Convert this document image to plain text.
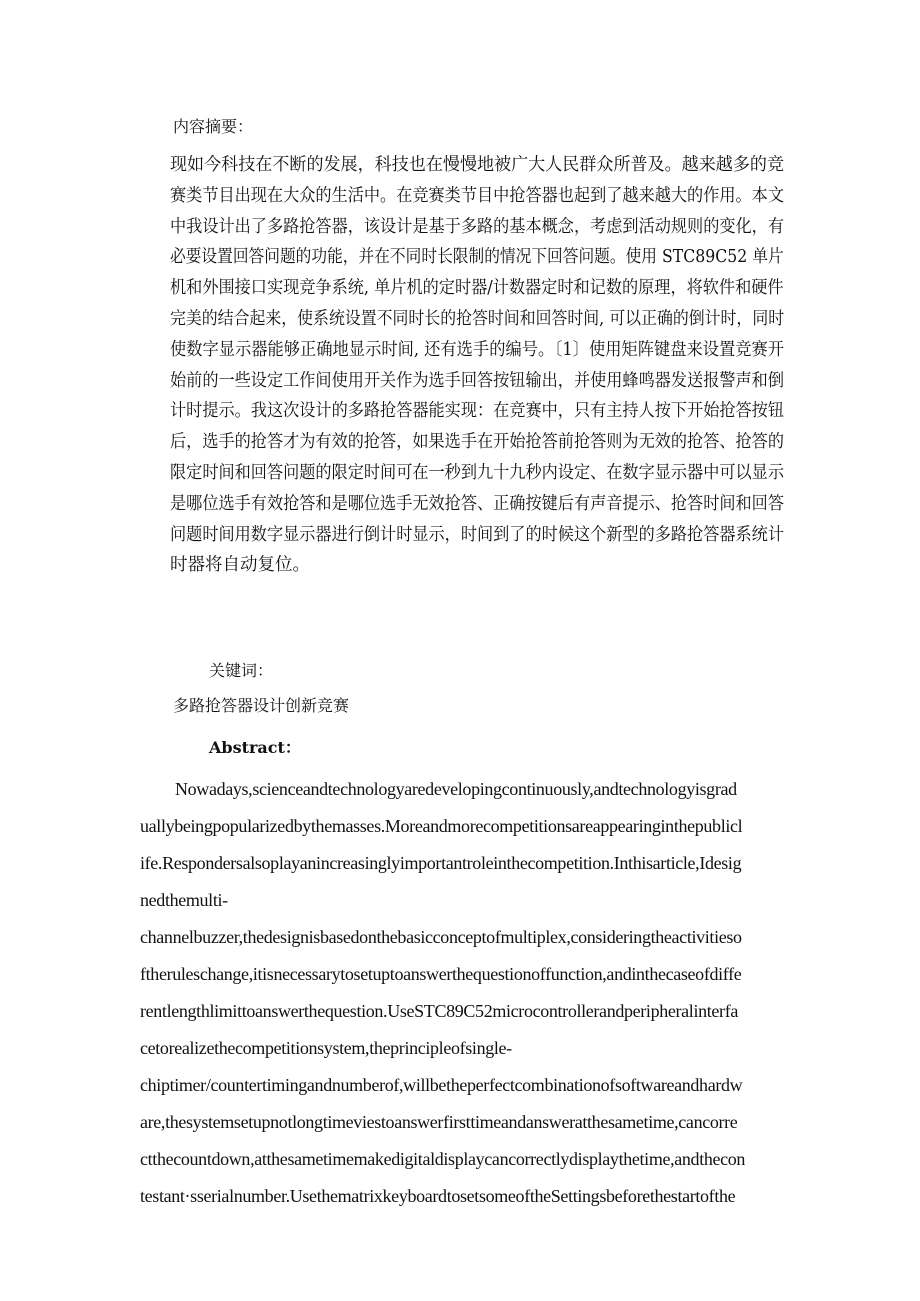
内容摘要：
现如今科技在不断的发展，科技也在慢慢地被广大人民群众所普及。越来越多的竞
赛类节目出现在大众的生活中。在竞赛类节目中抢答器也起到了越来越大的作用。本文
中我设计出了多路抢答器，该设计是基于多路的基本概念，考虑到活动规则的变化，有
必要设置回答问题的功能，并在不同时长限制的情况下回答问题。使用 STC89C52 单片
机和外围接口实现竞争系统, 单片机的定时器/计数器定时和记数的原理，将软件和硬件
完美的结合起来，使系统设置不同时长的抢答时间和回答时间, 可以正确的倒计时，同时
使数字显示器能够正确地显示时间, 还有选手的编号。〔1〕使用矩阵键盘来设置竞赛开
始前的一些设定工作间使用开关作为选手回答按钮输出，并使用蜂鸣器发送报警声和倒
计时提示。我这次设计的多路抢答器能实现：在竞赛中，只有主持人按下开始抢答按钮
后，选手的抢答才为有效的抢答，如果选手在开始抢答前抢答则为无效的抢答、抢答的
限定时间和回答问题的限定时间可在一秒到九十九秒内设定、在数字显示器中可以显示
是哪位选手有效抢答和是哪位选手无效抢答、正确按键后有声音提示、抢答时间和回答
问题时间用数字显示器进行倒计时显示，时间到了的时候这个新型的多路抢答器系统计
时器将自动复位。
关键词：
多路抢答器设计创新竞赛
Abstract：
Nowadays,scienceandtechnologyaredevelopingcontinuously,andtechnologyisgrad
uallybeingpopularizedbythemasses.Moreandmorecompetitionsareappearinginthepublicl
ife.Respondersalsoplayanincreasinglyimportantroleinthecompetition.Inthisarticle,Idesig
nedthemulti-
channelbuzzer,thedesignisbasedonthebasicconceptofmultiplex,consideringtheactivitieso
ftheruleschange,itisnecessarytosetuptoanswerthequestionoffunction,andinthecaseofdiffe
rentlengthlimittoanswerthequestion.UseSTC89C52microcontrollerandperipheralinterfa
cetorealizethecompetitionsystem,theprincipleofsingle-
chiptimer/countertimingandnumberof,willbetheperfectcombinationofsoftwareandhardw
are,thesystemsetupnotlongtimeviestoanswerfirsttimeandansweratthesametime,cancorre
ctthecountdown,atthesametimemakedigitaldisplaycancorrectlydisplaythetime,andthecon
testant·sserialnumber.UsethematrixkeyboardtosetsomeoftheSettingsbeforethestartofthe
